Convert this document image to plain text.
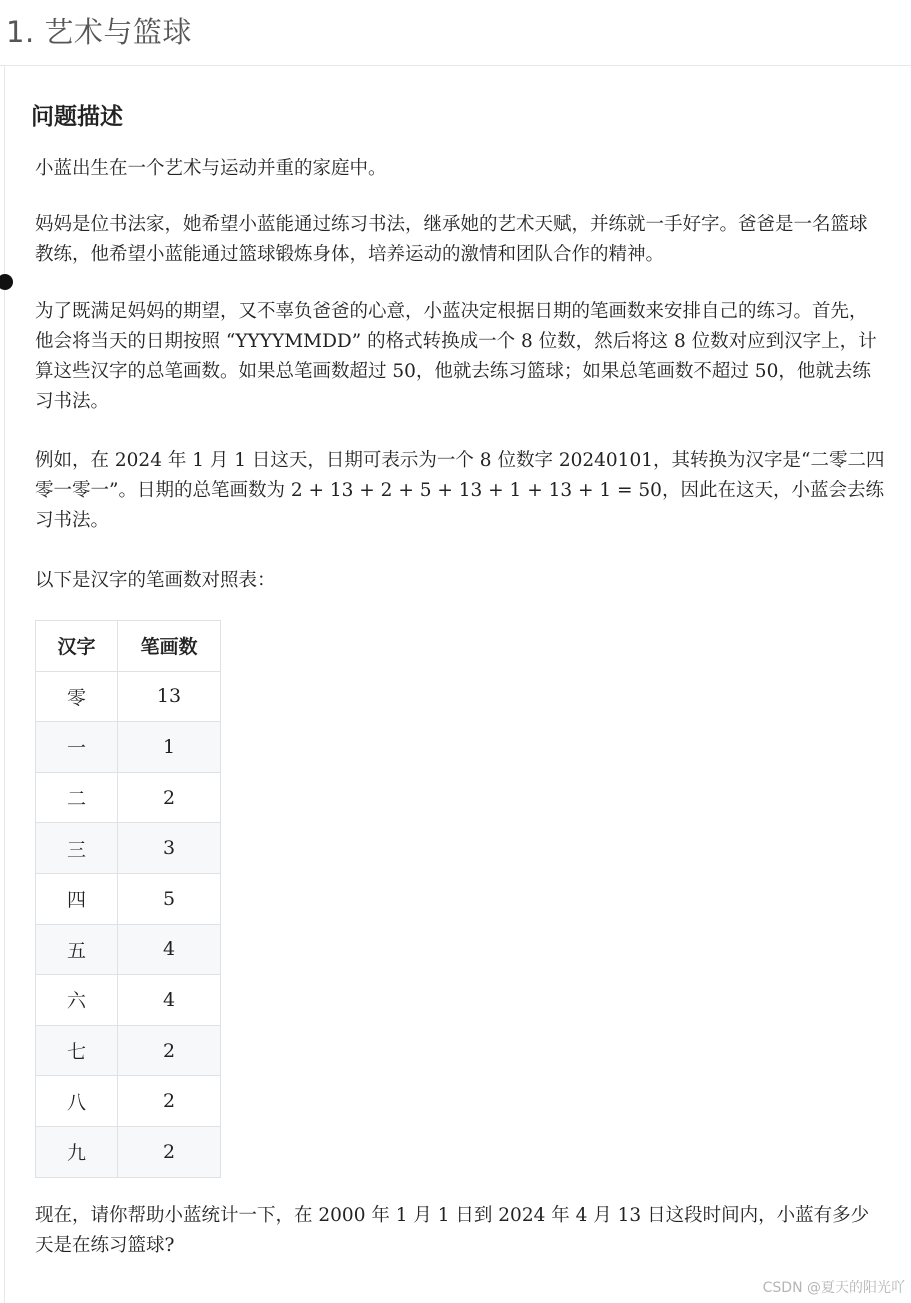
1. 艺术与篮球
问题描述

小蓝出生在一个艺术与运动并重的家庭中。

妈妈是位书法家，她希望小蓝能通过练习书法，继承她的艺术天赋，并练就一手好字。爸爸是一名篮球教练，他希望小蓝能通过篮球锻炼身体，培养运动的激情和团队合作的精神。

为了既满足妈妈的期望，又不辜负爸爸的心意，小蓝决定根据日期的笔画数来安排自己的练习。首先，他会将当天的日期按照 “YYYYMMDD” 的格式转换成一个 8 位数，然后将这 8 位数对应到汉字上，计算这些汉字的总笔画数。如果总笔画数超过 50，他就去练习篮球；如果总笔画数不超过 50，他就去练习书法。

例如，在 2024 年 1 月 1 日这天，日期可表示为一个 8 位数字 20240101，其转换为汉字是“二零二四零一零一”。日期的总笔画数为 2 + 13 + 2 + 5 + 13 + 1 + 13 + 1 = 50，因此在这天，小蓝会去练习书法。

以下是汉字的笔画数对照表：

汉字	笔画数
零	13
一	1
二	2
三	3
四	5
五	4
六	4
七	2
八	2
九	2

现在，请你帮助小蓝统计一下，在 2000 年 1 月 1 日到 2024 年 4 月 13 日这段时间内，小蓝有多少天是在练习篮球?

CSDN @夏天的阳光吖
